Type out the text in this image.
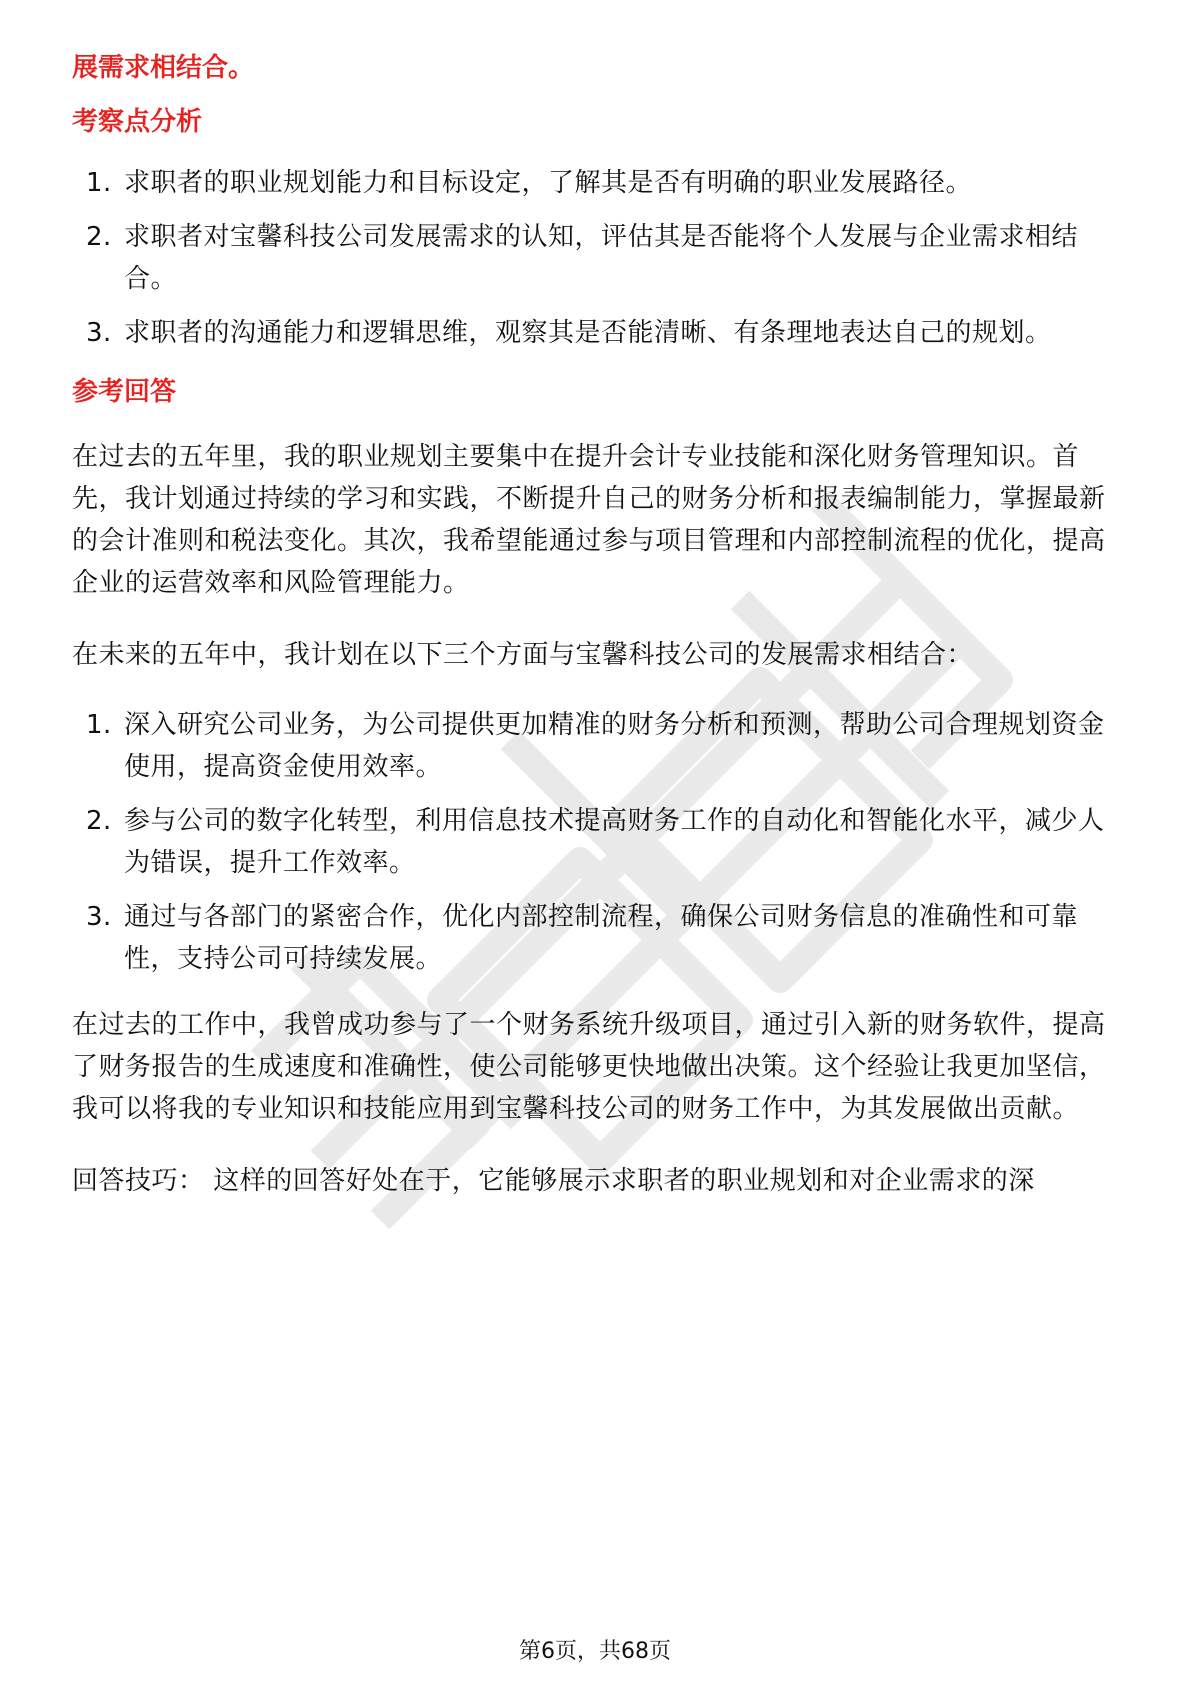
展需求相结合。

考察点分析

1. 求职者的职业规划能力和目标设定，了解其是否有明确的职业发展路径。
2. 求职者对宝馨科技公司发展需求的认知，评估其是否能将个人发展与企业需求相结合。
3. 求职者的沟通能力和逻辑思维，观察其是否能清晰、有条理地表达自己的规划。

参考回答

在过去的五年里，我的职业规划主要集中在提升会计专业技能和深化财务管理知识。首先，我计划通过持续的学习和实践，不断提升自己的财务分析和报表编制能力，掌握最新的会计准则和税法变化。其次，我希望能通过参与项目管理和内部控制流程的优化，提高企业的运营效率和风险管理能力。

在未来的五年中，我计划在以下三个方面与宝馨科技公司的发展需求相结合：

1. 深入研究公司业务，为公司提供更加精准的财务分析和预测，帮助公司合理规划资金使用，提高资金使用效率。
2. 参与公司的数字化转型，利用信息技术提高财务工作的自动化和智能化水平，减少人为错误，提升工作效率。
3. 通过与各部门的紧密合作，优化内部控制流程，确保公司财务信息的准确性和可靠性，支持公司可持续发展。

在过去的工作中，我曾成功参与了一个财务系统升级项目，通过引入新的财务软件，提高了财务报告的生成速度和准确性，使公司能够更快地做出决策。这个经验让我更加坚信，我可以将我的专业知识和技能应用到宝馨科技公司的财务工作中，为其发展做出贡献。

回答技巧： 这样的回答好处在于，它能够展示求职者的职业规划和对企业需求的深

第6页，共68页
